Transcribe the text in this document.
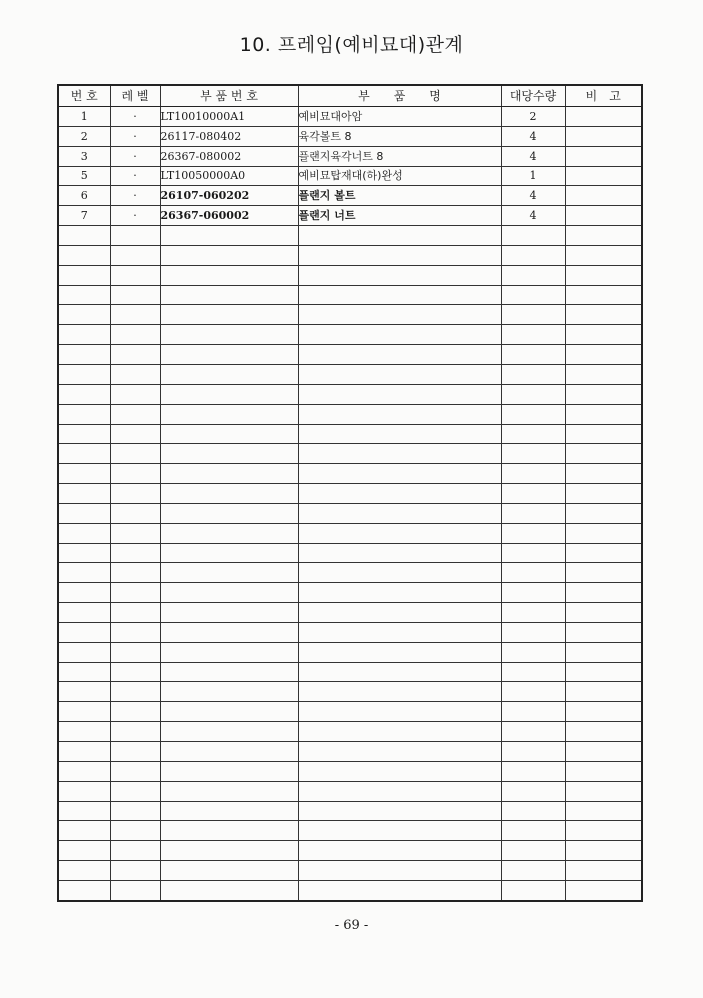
10. 프레임(예비묘대)관계
번 호	레 벨	부 품 번 호	부　　품　　명	대당수량	비　고
1	·	LT10010000A1	예비묘대아암	2	
2	·	26117-080402	육각볼트 8	4	
3	·	26367-080002	플랜지육각너트 8	4	
5	·	LT10050000A0	예비묘탑재대(하)완성	1	
6	·	26107-060202	플랜지 볼트	4	
7	·	26367-060002	플랜지 너트	4	

- 69 -
